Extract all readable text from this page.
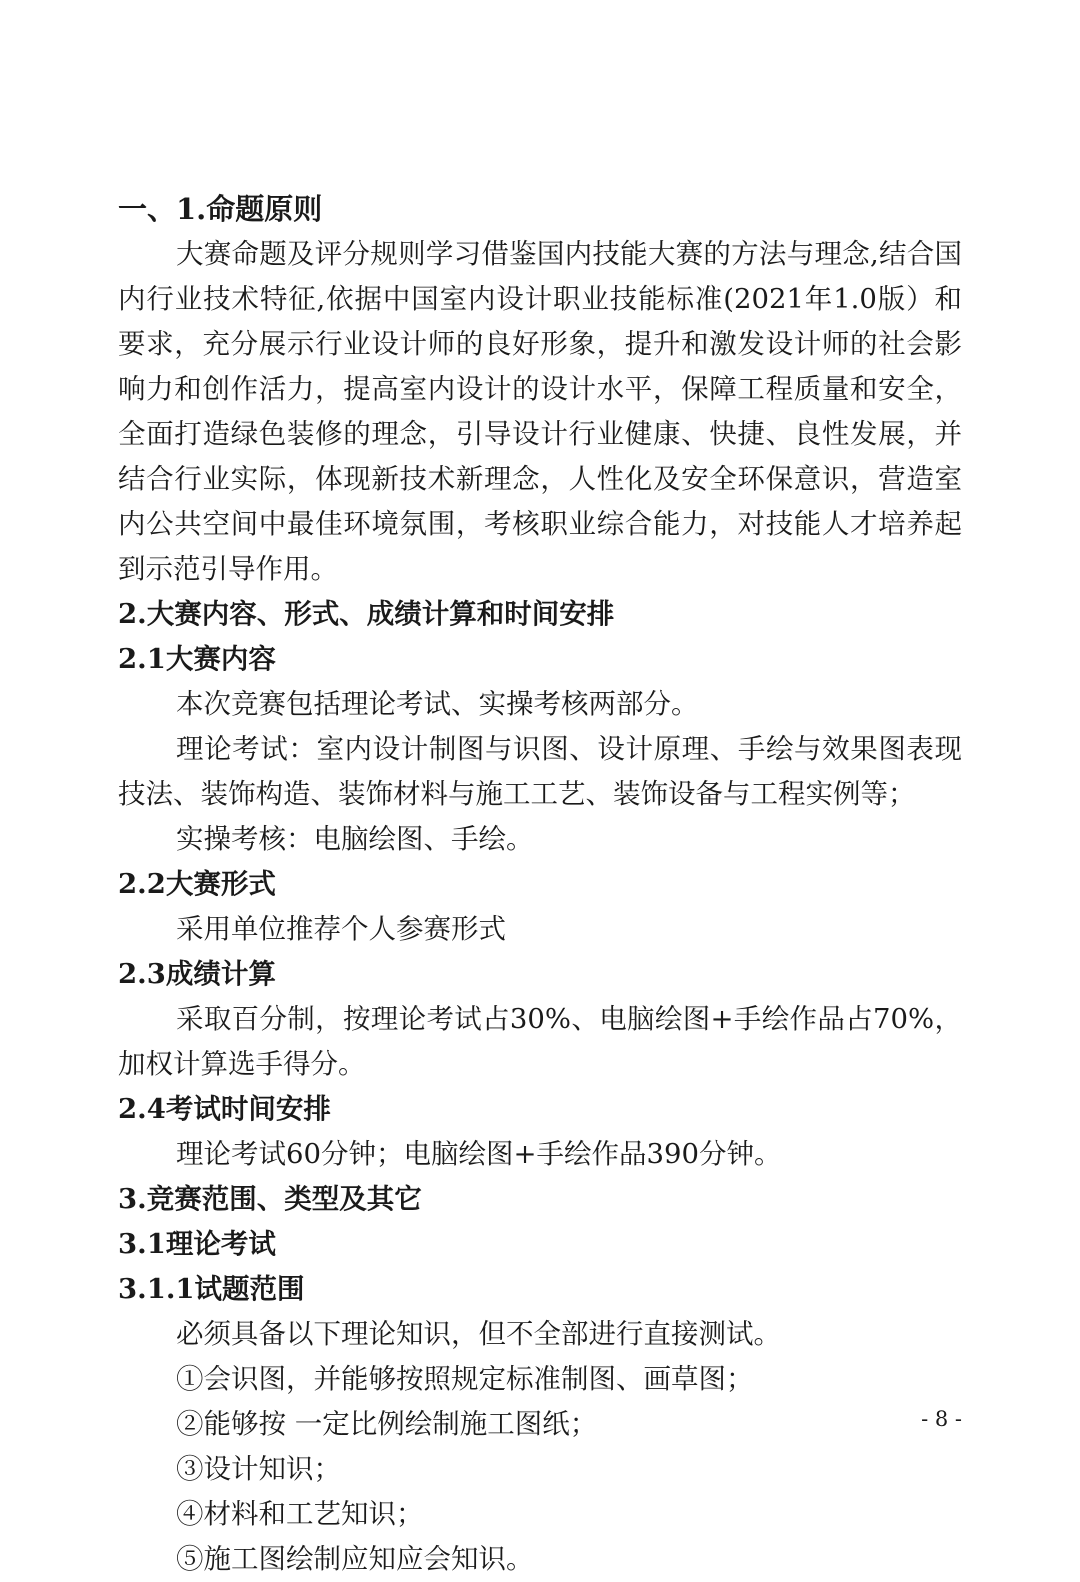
一、1.命题原则

大赛命题及评分规则学习借鉴国内技能大赛的方法与理念,结合国内行业技术特征,依据中国室内设计职业技能标准(2021年1.0版）和要求，充分展示行业设计师的良好形象，提升和激发设计师的社会影响力和创作活力，提高室内设计的设计水平，保障工程质量和安全，全面打造绿色装修的理念，引导设计行业健康、快捷、良性发展，并结合行业实际，体现新技术新理念，人性化及安全环保意识，营造室内公共空间中最佳环境氛围，考核职业综合能力，对技能人才培养起到示范引导作用。

2.大赛内容、形式、成绩计算和时间安排
2.1大赛内容

本次竞赛包括理论考试、实操考核两部分。

理论考试：室内设计制图与识图、设计原理、手绘与效果图表现技法、装饰构造、装饰材料与施工工艺、装饰设备与工程实例等；

实操考核：电脑绘图、手绘。

2.2大赛形式

采用单位推荐个人参赛形式

2.3成绩计算

采取百分制，按理论考试占30%、电脑绘图+手绘作品占70%，加权计算选手得分。

2.4考试时间安排

理论考试60分钟；电脑绘图+手绘作品390分钟。

3.竞赛范围、类型及其它
3.1理论考试
3.1.1试题范围

必须具备以下理论知识，但不全部进行直接测试。

①会识图，并能够按照规定标准制图、画草图；

②能够按 一定比例绘制施工图纸；

③设计知识；

④材料和工艺知识；

⑤施工图绘制应知应会知识。

- 8 -
